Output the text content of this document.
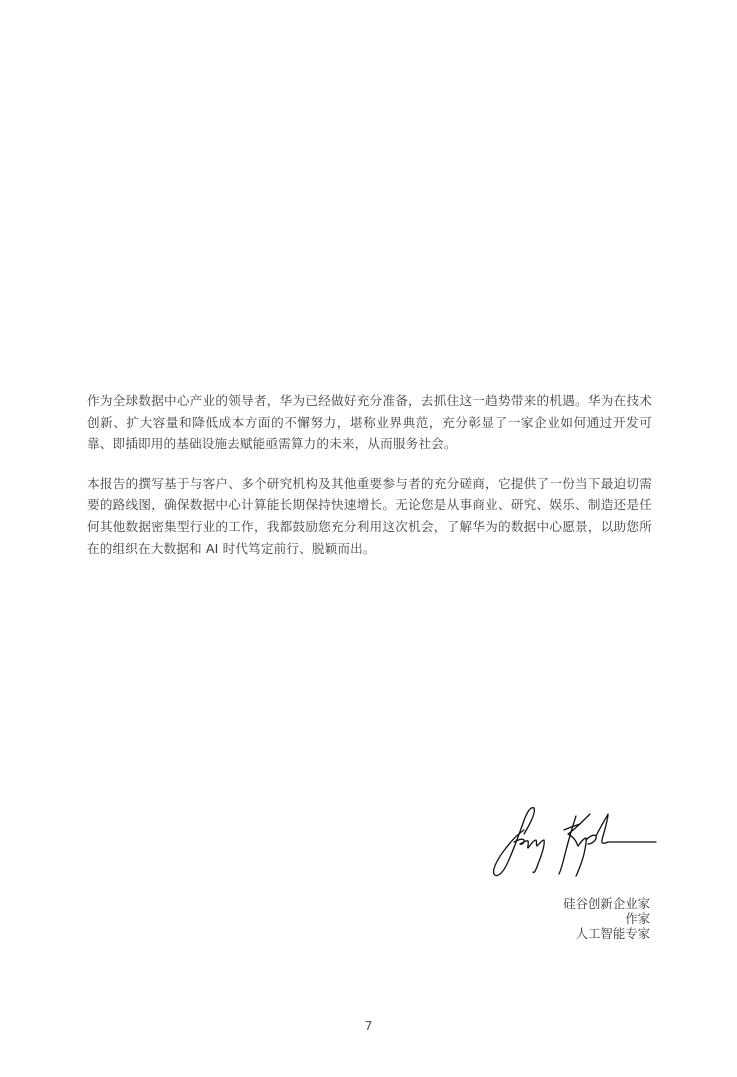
作为全球数据中心产业的领导者，华为已经做好充分准备，去抓住这一趋势带来的机遇。华为在技术创新、扩大容量和降低成本方面的不懈努力，堪称业界典范，充分彰显了一家企业如何通过开发可靠、即插即用的基础设施去赋能亟需算力的未来，从而服务社会。

本报告的撰写基于与客户、多个研究机构及其他重要参与者的充分磋商，它提供了一份当下最迫切需要的路线图，确保数据中心计算能长期保持快速增长。无论您是从事商业、研究、娱乐、制造还是任何其他数据密集型行业的工作，我都鼓励您充分利用这次机会，了解华为的数据中心愿景，以助您所在的组织在大数据和 AI 时代笃定前行、脱颖而出。

硅谷创新企业家
作家
人工智能专家
7
